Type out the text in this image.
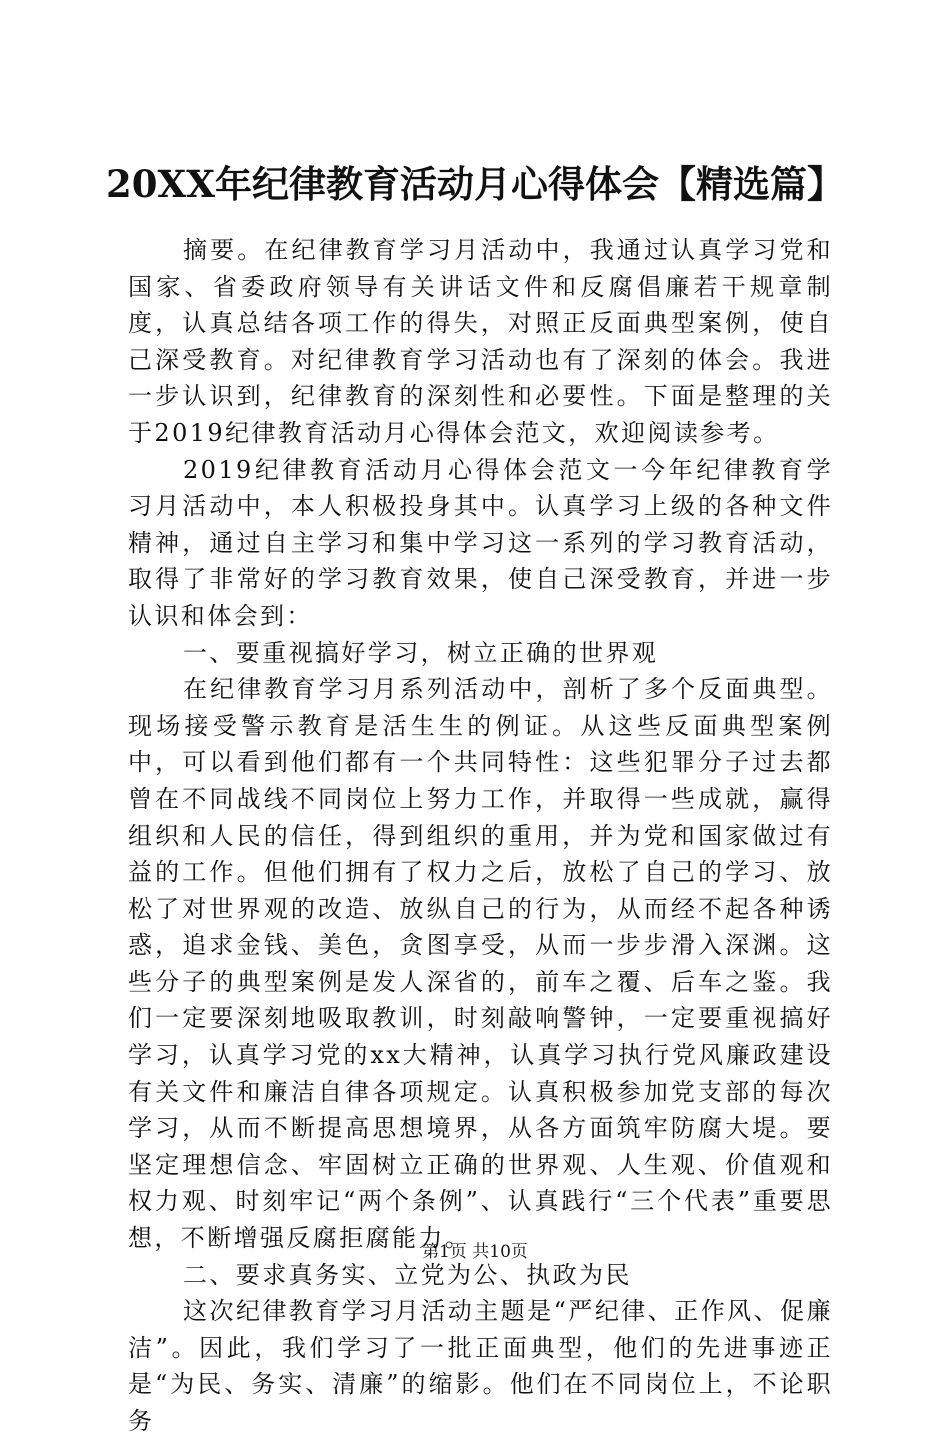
20XX年纪律教育活动月心得体会【精选篇】

摘要。在纪律教育学习月活动中，我通过认真学习党和国家、省委政府领导有关讲话文件和反腐倡廉若干规章制度，认真总结各项工作的得失，对照正反面典型案例，使自己深受教育。对纪律教育学习活动也有了深刻的体会。我进一步认识到，纪律教育的深刻性和必要性。下面是整理的关于2019纪律教育活动月心得体会范文，欢迎阅读参考。

2019纪律教育活动月心得体会范文一今年纪律教育学习月活动中，本人积极投身其中。认真学习上级的各种文件精神，通过自主学习和集中学习这一系列的学习教育活动，取得了非常好的学习教育效果，使自己深受教育，并进一步认识和体会到：

一、要重视搞好学习，树立正确的世界观

在纪律教育学习月系列活动中，剖析了多个反面典型。现场接受警示教育是活生生的例证。从这些反面典型案例中，可以看到他们都有一个共同特性：这些犯罪分子过去都曾在不同战线不同岗位上努力工作，并取得一些成就，赢得组织和人民的信任，得到组织的重用，并为党和国家做过有益的工作。但他们拥有了权力之后，放松了自己的学习、放松了对世界观的改造、放纵自己的行为，从而经不起各种诱惑，追求金钱、美色，贪图享受，从而一步步滑入深渊。这些分子的典型案例是发人深省的，前车之覆、后车之鉴。我们一定要深刻地吸取教训，时刻敲响警钟，一定要重视搞好学习，认真学习党的xx大精神，认真学习执行党风廉政建设有关文件和廉洁自律各项规定。认真积极参加党支部的每次学习，从而不断提高思想境界，从各方面筑牢防腐大堤。要坚定理想信念、牢固树立正确的世界观、人生观、价值观和权力观、时刻牢记“两个条例”、认真践行“三个代表”重要思想，不断增强反腐拒腐能力。

二、要求真务实、立党为公、执政为民

这次纪律教育学习月活动主题是“严纪律、正作风、促廉洁”。因此，我们学习了一批正面典型，他们的先进事迹正是“为民、务实、清廉”的缩影。他们在不同岗位上，不论职务

第1页 共10页
